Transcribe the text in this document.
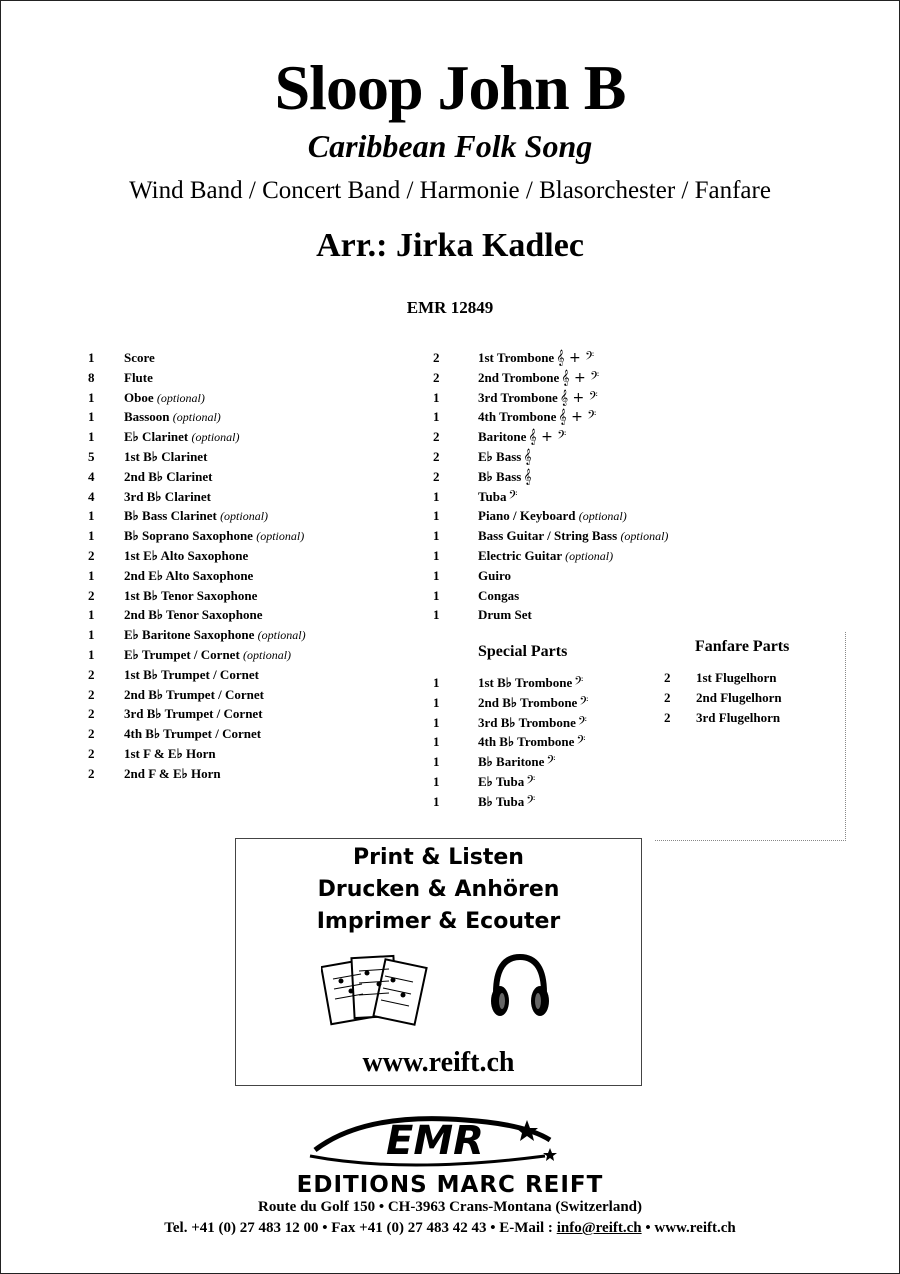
Sloop John B
Caribbean Folk Song
Wind Band / Concert Band / Harmonie / Blasorchester / Fanfare
Arr.: Jirka Kadlec
EMR 12849
1 Score
8 Flute
1 Oboe (optional)
1 Bassoon (optional)
1 E♭ Clarinet (optional)
5 1st B♭ Clarinet
4 2nd B♭ Clarinet
4 3rd B♭ Clarinet
1 B♭ Bass Clarinet (optional)
1 B♭ Soprano Saxophone (optional)
2 1st E♭ Alto Saxophone
1 2nd E♭ Alto Saxophone
2 1st B♭ Tenor Saxophone
1 2nd B♭ Tenor Saxophone
1 E♭ Baritone Saxophone (optional)
1 E♭ Trumpet / Cornet (optional)
2 1st B♭ Trumpet / Cornet
2 2nd B♭ Trumpet / Cornet
2 3rd B♭ Trumpet / Cornet
2 4th B♭ Trumpet / Cornet
2 1st F & E♭ Horn
2 2nd F & E♭ Horn
2	1st Trombone 𝄞 + 𝄢
2	2nd Trombone 𝄞 + 𝄢
1	3rd Trombone 𝄞 + 𝄢
1	4th Trombone 𝄞 + 𝄢
2	Baritone 𝄞 + 𝄢
2	E♭ Bass 𝄞
2	B♭ Bass 𝄞
1	Tuba 𝄢
1	Piano / Keyboard (optional)
1	Bass Guitar / String Bass (optional)
1	Electric Guitar (optional)
1	Guiro
1	Congas
1	Drum Set
Special Parts
1	1st B♭ Trombone 𝄢
1	2nd B♭ Trombone 𝄢
1	3rd B♭ Trombone 𝄢
1	4th B♭ Trombone 𝄢
1	B♭ Baritone 𝄢
1	E♭ Tuba 𝄢
1	B♭ Tuba 𝄢
Fanfare Parts
2 1st Flugelhorn
2 2nd Flugelhorn
2 3rd Flugelhorn
Print & Listen
Drucken & Anhören
Imprimer & Ecouter
www.reift.ch
EMR
EDITIONS MARC REIFT
Route du Golf 150 • CH-3963 Crans-Montana (Switzerland)
Tel. +41 (0) 27 483 12 00 • Fax +41 (0) 27 483 42 43 • E-Mail : info@reift.ch • www.reift.ch
